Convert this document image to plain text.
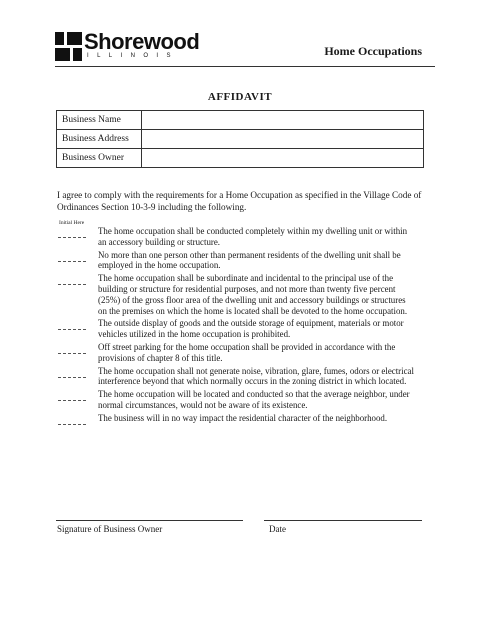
Shorewood
ILLINOIS	Home Occupations
AFFIDAVIT
Business Name	
Business Address	
Business Owner	
I agree to comply with the requirements for a Home Occupation as specified in the Village Code of Ordinances Section 10-3-9 including the following.
Initial Here
The home occupation shall be conducted completely within my dwelling unit or within an accessory building or structure.
No more than one person other than permanent residents of the dwelling unit shall be employed in the home occupation.
The home occupation shall be subordinate and incidental to the principal use of the building or structure for residential purposes, and not more than twenty five percent (25%) of the gross floor area of the dwelling unit and accessory buildings or structures on the premises on which the home is located shall be devoted to the home occupation.
The outside display of goods and the outside storage of equipment, materials or motor vehicles utilized in the home occupation is prohibited.
Off street parking for the home occupation shall be provided in accordance with the provisions of chapter 8 of this title.
The home occupation shall not generate noise, vibration, glare, fumes, odors or electrical interference beyond that which normally occurs in the zoning district in which located.
The home occupation will be located and conducted so that the average neighbor, under normal circumstances, would not be aware of its existence.
The business will in no way impact the residential character of the neighborhood.
Signature of Business Owner	Date
